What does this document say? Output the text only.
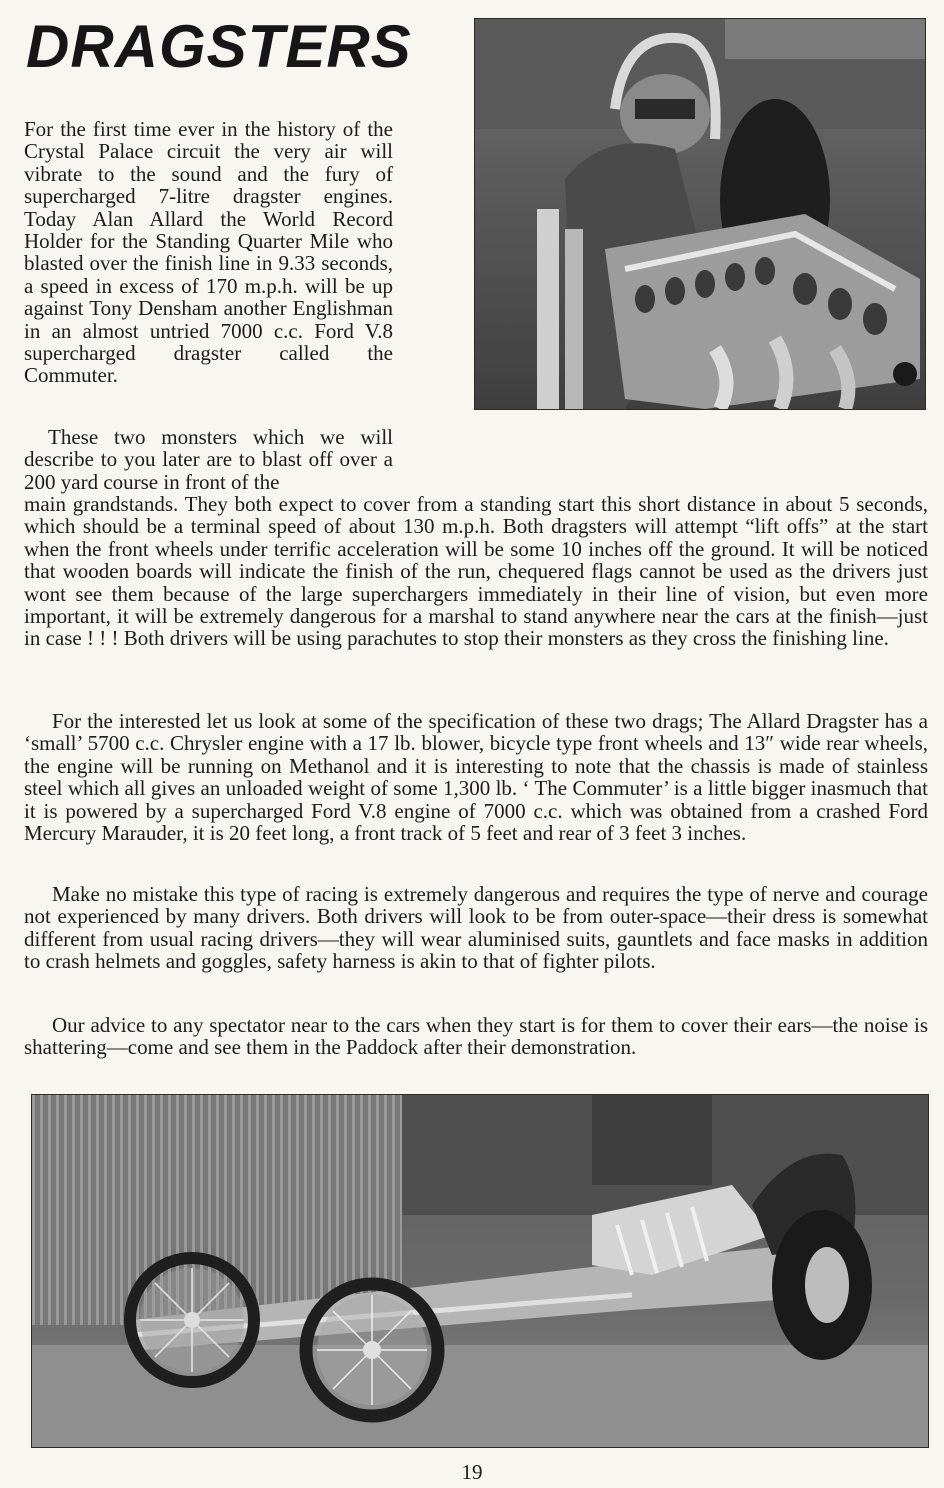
DRAGSTERS

For the first time ever in the history of the Crystal Palace circuit the very air will vibrate to the sound and the fury of supercharged 7-litre dragster engines. Today Alan Allard the World Record Holder for the Standing Quarter Mile who blasted over the finish line in 9.33 seconds, a speed in excess of 170 m.p.h. will be up against Tony Densham another Englishman in an almost untried 7000 c.c. Ford V.8 supercharged dragster called the Commuter.

These two monsters which we will describe to you later are to blast off over a 200 yard course in front of the

main grandstands. They both expect to cover from a standing start this short distance in about 5 seconds, which should be a terminal speed of about 130 m.p.h. Both dragsters will attempt “lift offs” at the start when the front wheels under terrific acceleration will be some 10 inches off the ground. It will be noticed that wooden boards will indicate the finish of the run, chequered flags cannot be used as the drivers just wont see them because of the large superchargers immediately in their line of vision, but even more important, it will be extremely dangerous for a marshal to stand anywhere near the cars at the finish—just in case ! ! ! Both drivers will be using parachutes to stop their monsters as they cross the finishing line.

For the interested let us look at some of the specification of these two drags; The Allard Dragster has a ‘small’ 5700 c.c. Chrysler engine with a 17 lb. blower, bicycle type front wheels and 13″ wide rear wheels, the engine will be running on Methanol and it is interesting to note that the chassis is made of stainless steel which all gives an unloaded weight of some 1,300 lb. ‘ The Commuter’ is a little bigger inasmuch that it is powered by a supercharged Ford V.8 engine of 7000 c.c. which was obtained from a crashed Ford Mercury Marauder, it is 20 feet long, a front track of 5 feet and rear of 3 feet 3 inches.

Make no mistake this type of racing is extremely dangerous and requires the type of nerve and courage not experienced by many drivers. Both drivers will look to be from outer-space—their dress is somewhat different from usual racing drivers—they will wear aluminised suits, gauntlets and face masks in addition to crash helmets and goggles, safety harness is akin to that of fighter pilots.

Our advice to any spectator near to the cars when they start is for them to cover their ears—the noise is shattering—come and see them in the Paddock after their demonstration.

19
